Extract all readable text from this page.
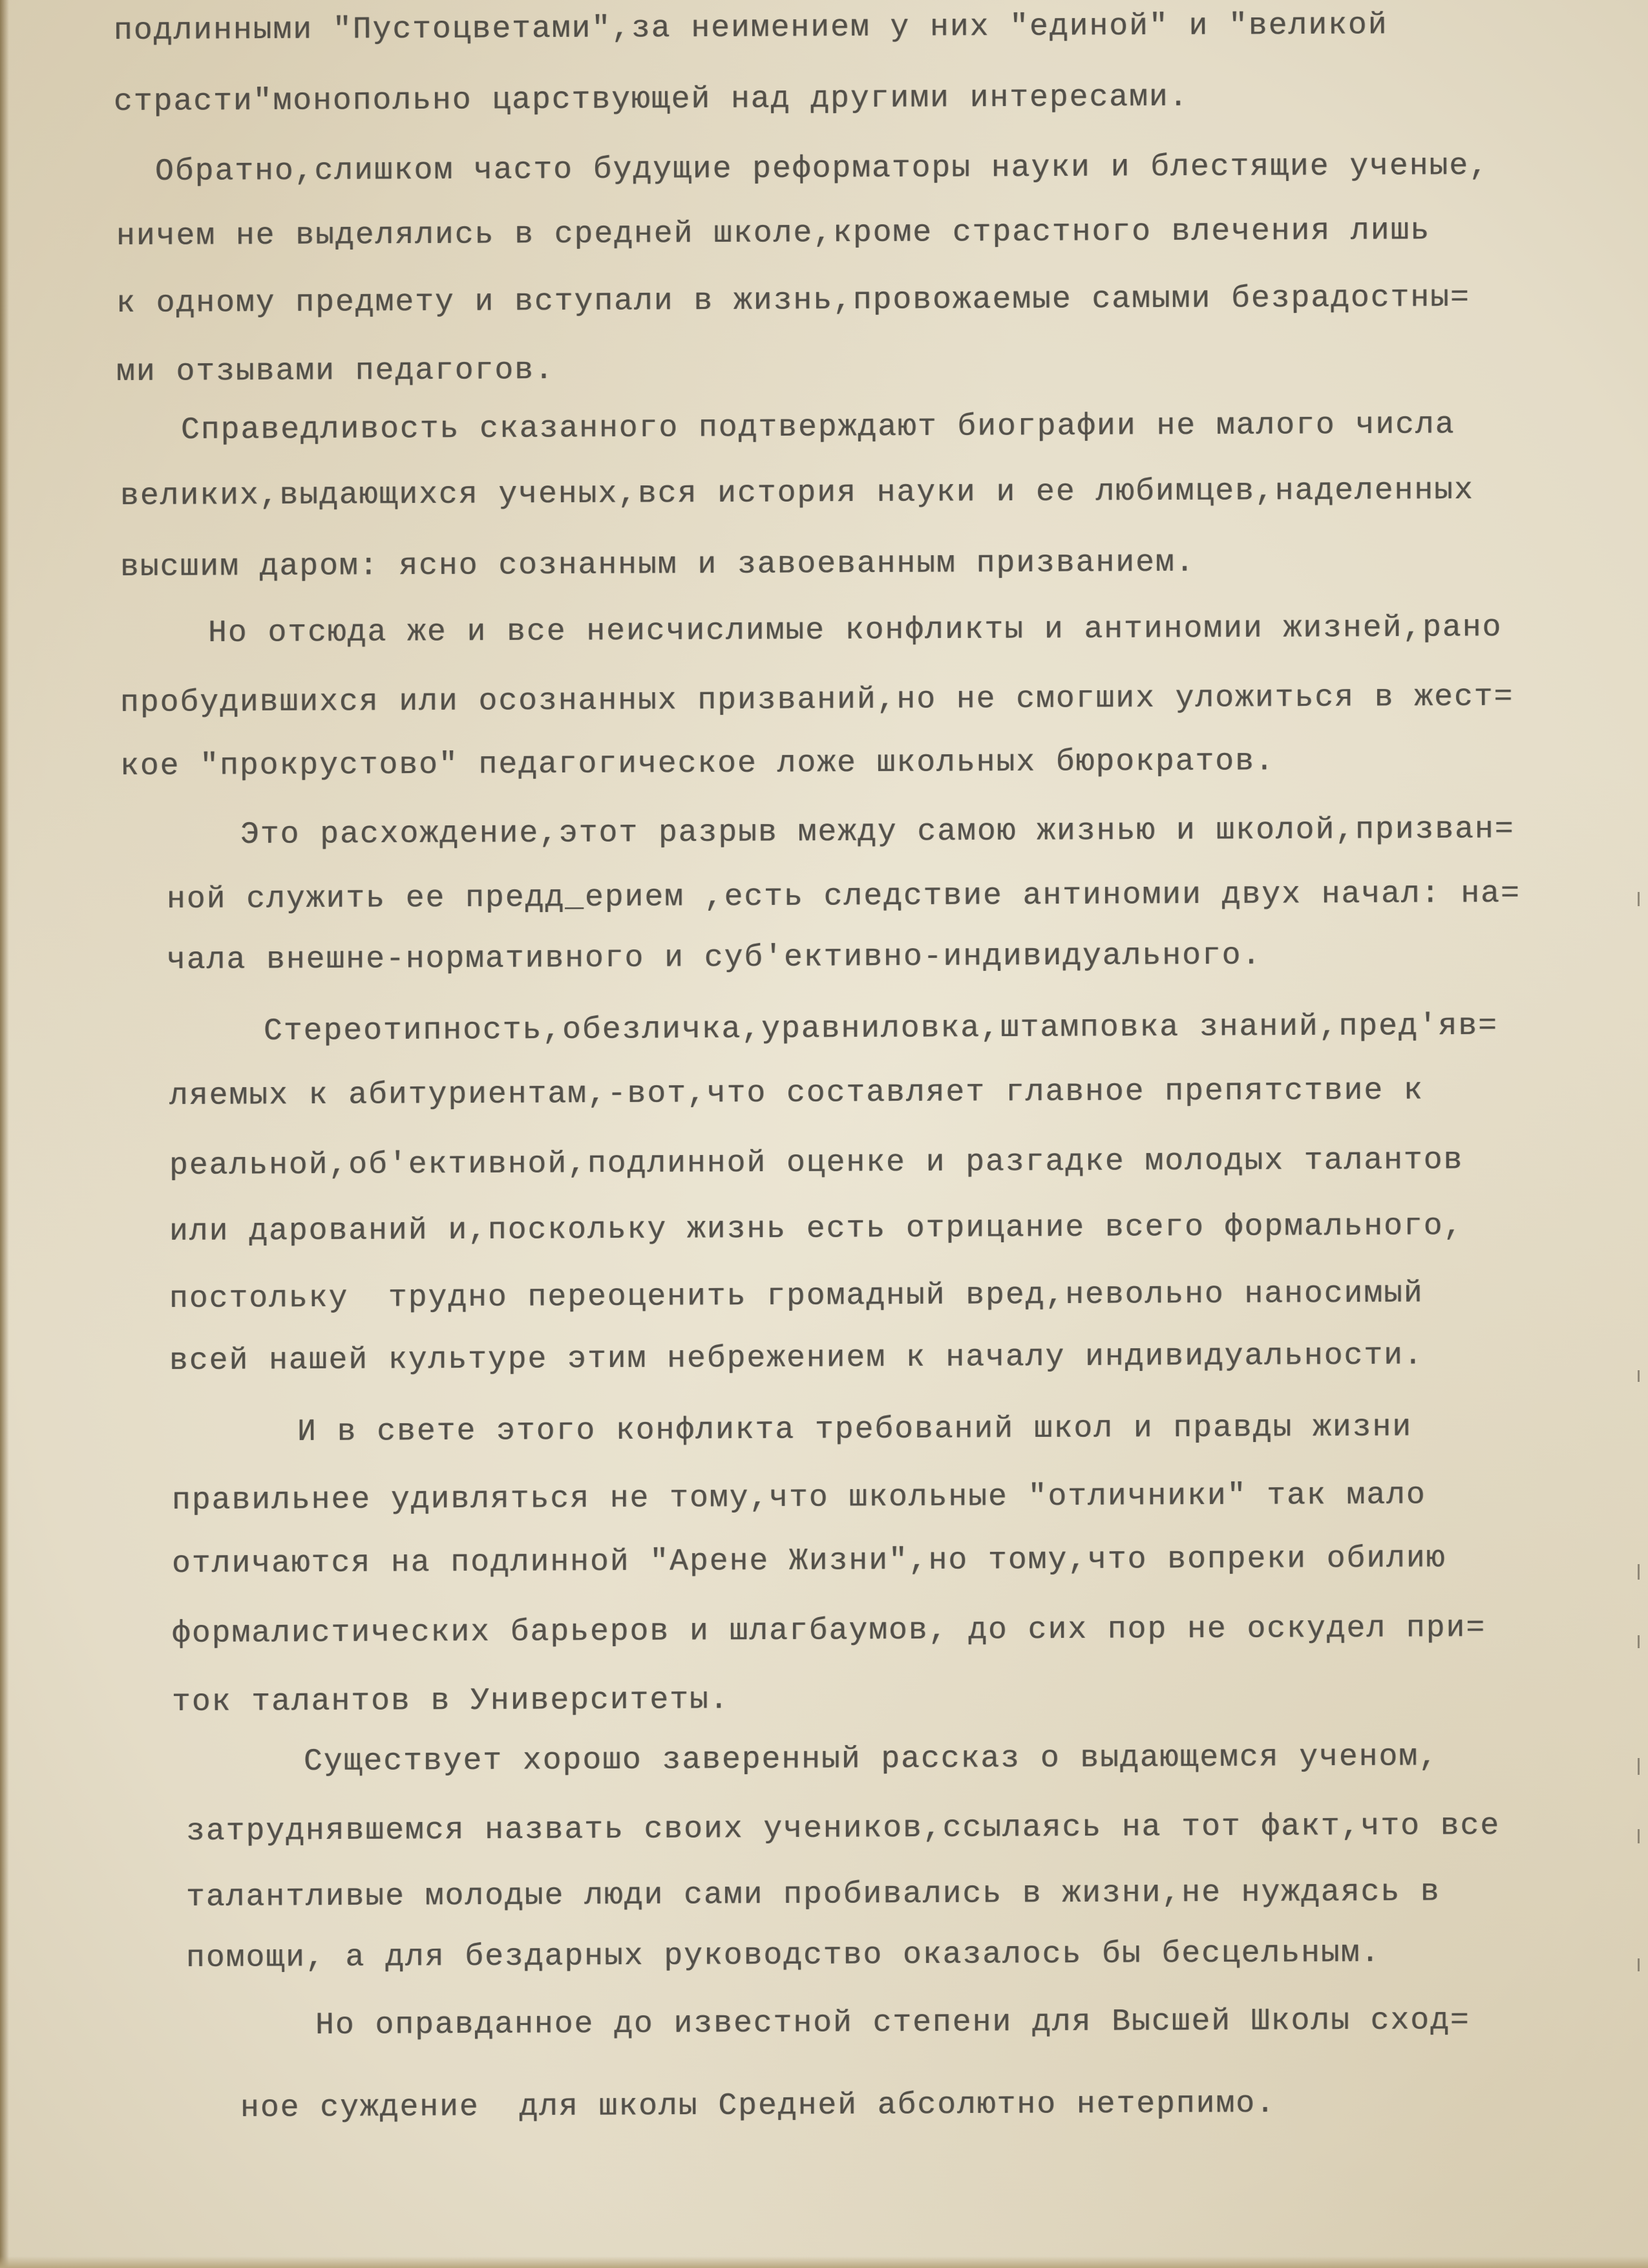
подлинными "Пустоцветами",за неимением у них "единой" и "великой
страсти"монопольно царствующей над другими интересами.
Обратно,слишком часто будущие реформаторы науки и блестящие ученые,
ничем не выделялись в средней школе,кроме страстного влечения лишь
к одному предмету и вступали в жизнь,провожаемые самыми безрадостны=
ми отзывами педагогов.
Справедливость сказанного подтверждают биографии не малого числа
великих,выдающихся ученых,вся история науки и ее любимцев,наделенных
высшим даром: ясно сознанным и завоеванным призванием.
Но отсюда же и все неисчислимые конфликты и антиномии жизней,рано
пробудившихся или осознанных призваний,но не смогших уложиться в жест=
кое "прокрустово" педагогическое ложе школьных бюрократов.
Это расхождение,этот разрыв между самою жизнью и школой,призван=
ной служить ее предд_ерием ,есть следствие антиномии двух начал: на=
чала внешне-нормативного и суб'ективно-индивидуального.
Стереотипность,обезличка,уравниловка,штамповка знаний,пред'яв=
ляемых к абитуриентам,-вот,что составляет главное препятствие к
реальной,об'ективной,подлинной оценке и разгадке молодых талантов
или дарований и,поскольку жизнь есть отрицание всего формального,
постольку  трудно переоценить громадный вред,невольно наносимый
всей нашей культуре этим небрежением к началу индивидуальности.
И в свете этого конфликта требований школ и правды жизни
правильнее удивляться не тому,что школьные "отличники" так мало
отличаются на подлинной "Арене Жизни",но тому,что вопреки обилию
формалистических барьеров и шлагбаумов, до сих пор не оскудел при=
ток талантов в Университеты.
Существует хорошо заверенный рассказ о выдающемся ученом,
затруднявшемся назвать своих учеников,ссылаясь на тот факт,что все
талантливые молодые люди сами пробивались в жизни,не нуждаясь в
помощи, а для бездарных руководство оказалось бы бесцельным.
Но оправданное до известной степени для Высшей Школы сход=
ное суждение  для школы Средней абсолютно нетерпимо.
